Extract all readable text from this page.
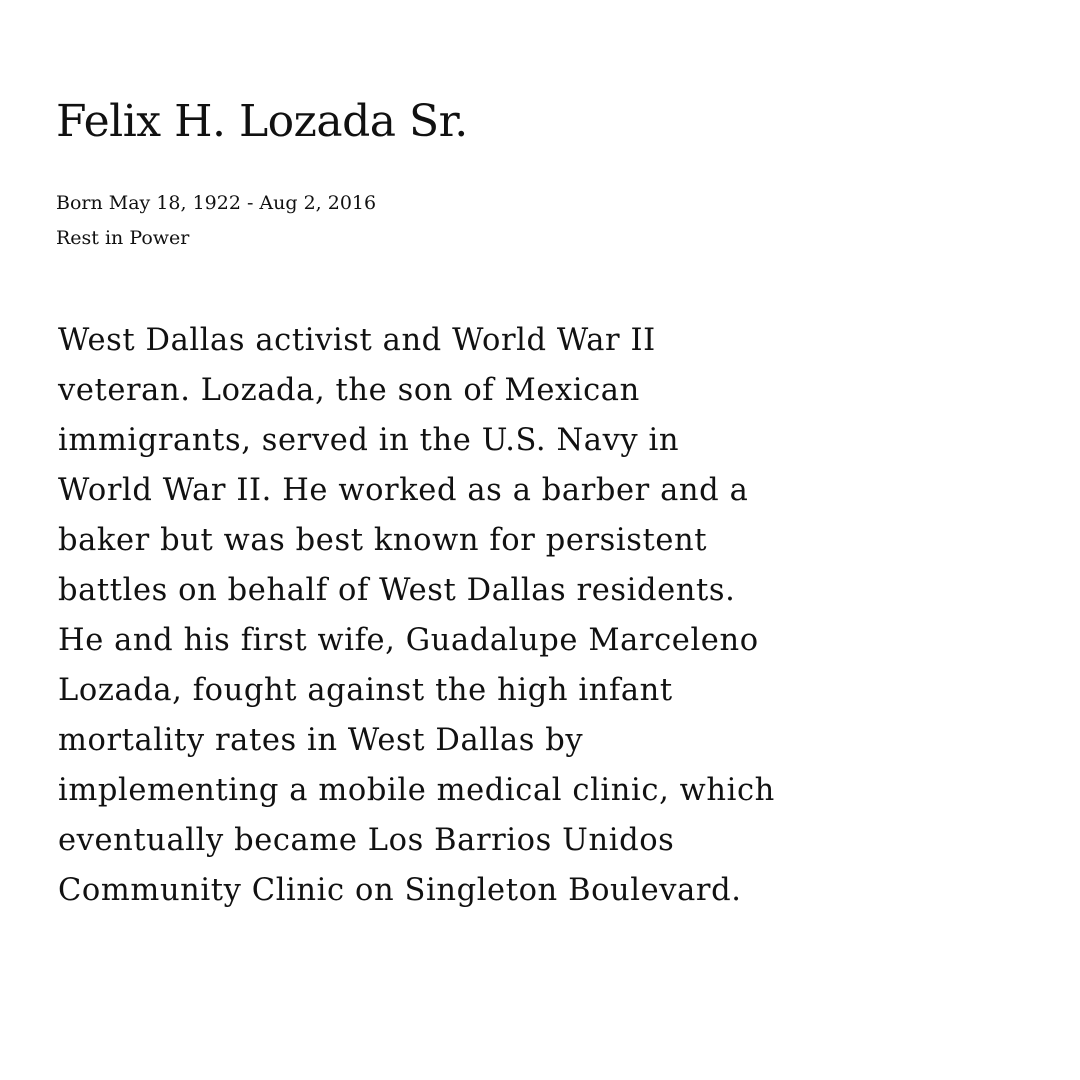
Felix H. Lozada Sr.
Born May 18, 1922 - Aug 2, 2016
Rest in Power
West Dallas activist and World War II
veteran. Lozada, the son of Mexican
immigrants, served in the U.S. Navy in
World War II. He worked as a barber and a
baker but was best known for persistent
battles on behalf of West Dallas residents.
He and his first wife, Guadalupe Marceleno
Lozada, fought against the high infant
mortality rates in West Dallas by
implementing a mobile medical clinic, which
eventually became Los Barrios Unidos
Community Clinic on Singleton Boulevard.
